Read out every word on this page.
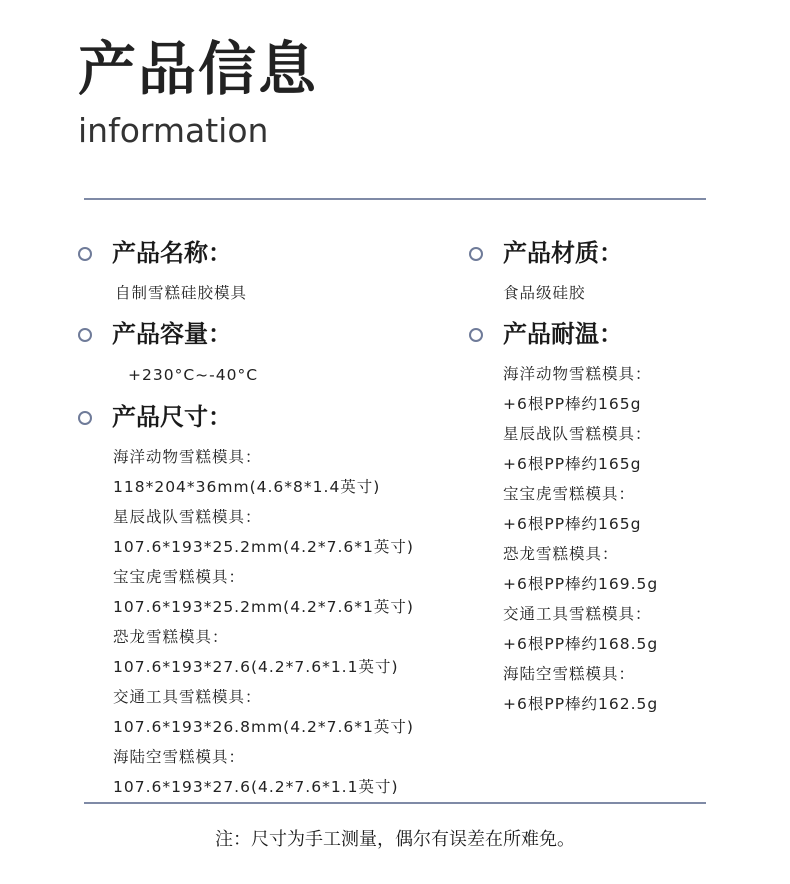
产品信息
information
产品名称：
自制雪糕硅胶模具
产品容量：
+230°C~-40°C
产品尺寸：
海洋动物雪糕模具：
118*204*36mm(4.6*8*1.4英寸)
星辰战队雪糕模具：
107.6*193*25.2mm(4.2*7.6*1英寸)
宝宝虎雪糕模具：
107.6*193*25.2mm(4.2*7.6*1英寸)
恐龙雪糕模具：
107.6*193*27.6(4.2*7.6*1.1英寸)
交通工具雪糕模具：
107.6*193*26.8mm(4.2*7.6*1英寸)
海陆空雪糕模具：
107.6*193*27.6(4.2*7.6*1.1英寸)
产品材质：
食品级硅胶
产品耐温：
海洋动物雪糕模具：
+6根PP棒约165g
星辰战队雪糕模具：
+6根PP棒约165g
宝宝虎雪糕模具：
+6根PP棒约165g
恐龙雪糕模具：
+6根PP棒约169.5g
交通工具雪糕模具：
+6根PP棒约168.5g
海陆空雪糕模具：
+6根PP棒约162.5g
注：尺寸为手工测量，偶尔有误差在所难免。
